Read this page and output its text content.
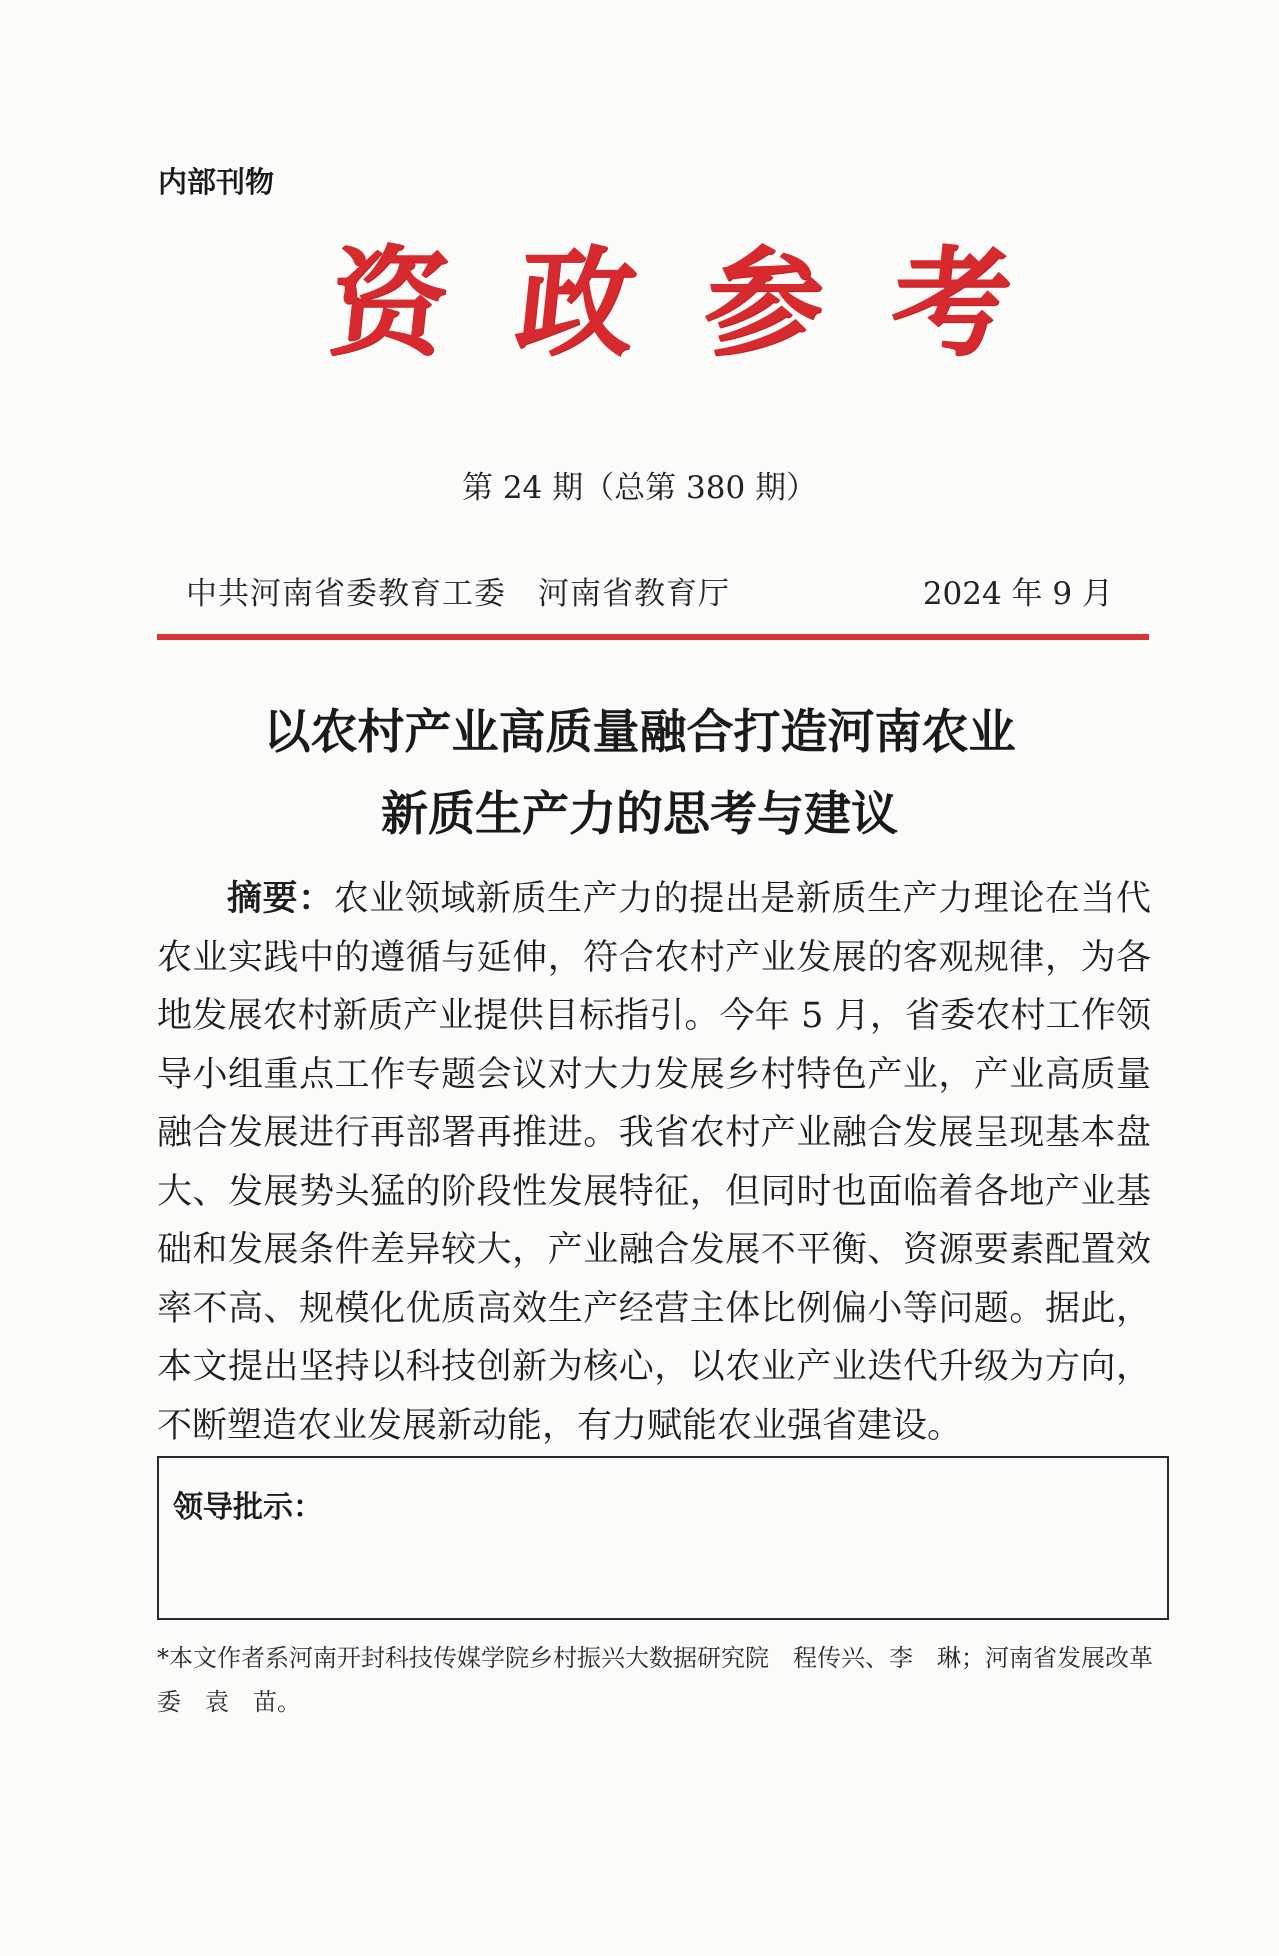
内部刊物
资 政 参 考
第 24 期（总第 380 期）
中共河南省委教育工委　河南省教育厅	2024 年 9 月
以农村产业高质量融合打造河南农业
新质生产力的思考与建议
摘要：农业领域新质生产力的提出是新质生产力理论在当代农业实践中的遵循与延伸，符合农村产业发展的客观规律，为各地发展农村新质产业提供目标指引。今年 5 月，省委农村工作领导小组重点工作专题会议对大力发展乡村特色产业，产业高质量融合发展进行再部署再推进。我省农村产业融合发展呈现基本盘大、发展势头猛的阶段性发展特征，但同时也面临着各地产业基础和发展条件差异较大，产业融合发展不平衡、资源要素配置效率不高、规模化优质高效生产经营主体比例偏小等问题。据此，本文提出坚持以科技创新为核心，以农业产业迭代升级为方向，不断塑造农业发展新动能，有力赋能农业强省建设。
领导批示：
*本文作者系河南开封科技传媒学院乡村振兴大数据研究院　程传兴、李　琳；河南省发展改革委　袁　苗。
